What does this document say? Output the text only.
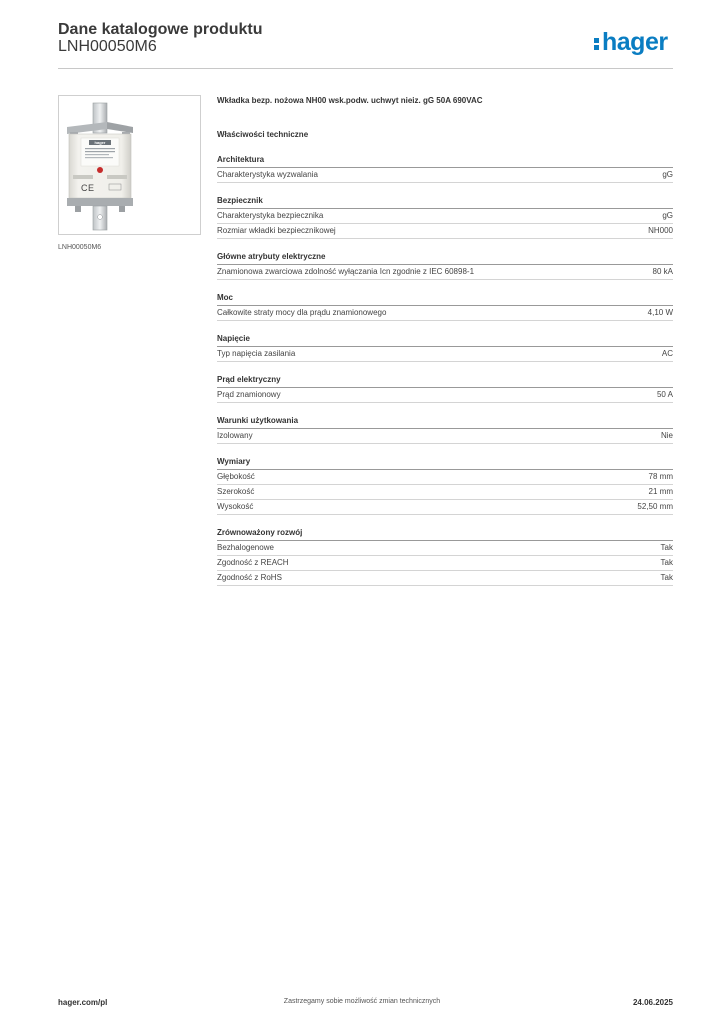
Dane katalogowe produktu
LNH00050M6	hager
hager
C E
LNH00050M6
Wkładka bezp. nożowa NH00 wsk.podw. uchwyt nieiz. gG 50A 690VAC
Właściwości techniczne
Architektura
Charakterystyka wyzwalania	gG
Bezpiecznik
Charakterystyka bezpiecznika	gG
Rozmiar wkładki bezpiecznikowej	NH000
Główne atrybuty elektryczne
Znamionowa zwarciowa zdolność wyłączania Icn zgodnie z IEC 60898-1	80 kA
Moc
Całkowite straty mocy dla prądu znamionowego	4,10 W
Napięcie
Typ napięcia zasilania	AC
Prąd elektryczny
Prąd znamionowy	50 A
Warunki użytkowania
Izolowany	Nie
Wymiary
Głębokość	78 mm
Szerokość	21 mm
Wysokość	52,50 mm
Zrównoważony rozwój
Bezhalogenowe	Tak
Zgodność z REACH	Tak
Zgodność z RoHS	Tak
hager.com/pl	Zastrzegamy sobie możliwość zmian technicznych	24.06.2025
